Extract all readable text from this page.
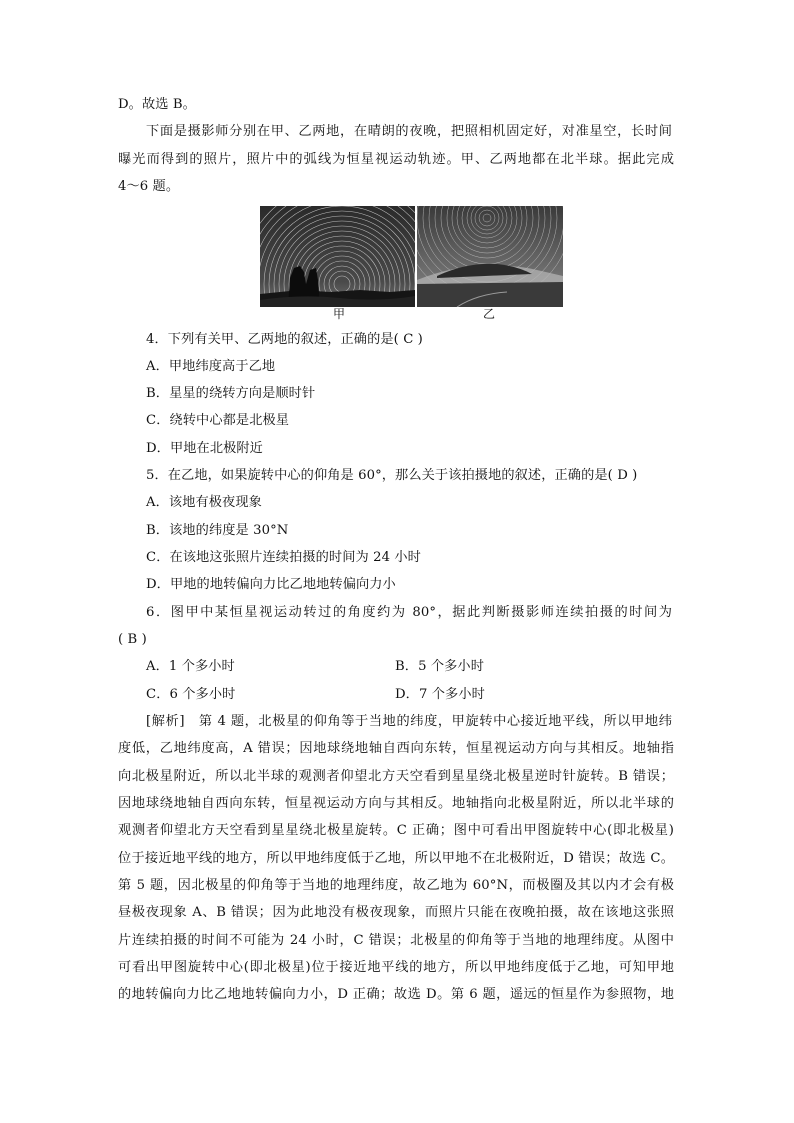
D。故选 B。
下面是摄影师分别在甲、乙两地，在晴朗的夜晚，把照相机固定好，对准星空，长时间
曝光而得到的照片，照片中的弧线为恒星视运动轨迹。甲、乙两地都在北半球。据此完成
4～6 题。
甲	乙
4．下列有关甲、乙两地的叙述，正确的是( C )
A．甲地纬度高于乙地
B．星星的绕转方向是顺时针
C．绕转中心都是北极星
D．甲地在北极附近
5．在乙地，如果旋转中心的仰角是 60°，那么关于该拍摄地的叙述，正确的是( D )
A．该地有极夜现象
B．该地的纬度是 30°N
C．在该地这张照片连续拍摄的时间为 24 小时
D．甲地的地转偏向力比乙地地转偏向力小
6．图甲中某恒星视运动转过的角度约为 80°，据此判断摄影师连续拍摄的时间为
( B )
A．1 个多小时	B．5 个多小时
C．6 个多小时	D．7 个多小时
[解析]　第 4 题，北极星的仰角等于当地的纬度，甲旋转中心接近地平线，所以甲地纬
度低，乙地纬度高，A 错误；因地球绕地轴自西向东转，恒星视运动方向与其相反。地轴指
向北极星附近，所以北半球的观测者仰望北方天空看到星星绕北极星逆时针旋转。B 错误；
因地球绕地轴自西向东转，恒星视运动方向与其相反。地轴指向北极星附近，所以北半球的
观测者仰望北方天空看到星星绕北极星旋转。C 正确；图中可看出甲图旋转中心(即北极星)
位于接近地平线的地方，所以甲地纬度低于乙地，所以甲地不在北极附近，D 错误；故选 C。
第 5 题，因北极星的仰角等于当地的地理纬度，故乙地为 60°N，而极圈及其以内才会有极
昼极夜现象 A、B 错误；因为此地没有极夜现象，而照片只能在夜晚拍摄，故在该地这张照
片连续拍摄的时间不可能为 24 小时，C 错误；北极星的仰角等于当地的地理纬度。从图中
可看出甲图旋转中心(即北极星)位于接近地平线的地方，所以甲地纬度低于乙地，可知甲地
的地转偏向力比乙地地转偏向力小，D 正确；故选 D。第 6 题，遥远的恒星作为参照物，地
